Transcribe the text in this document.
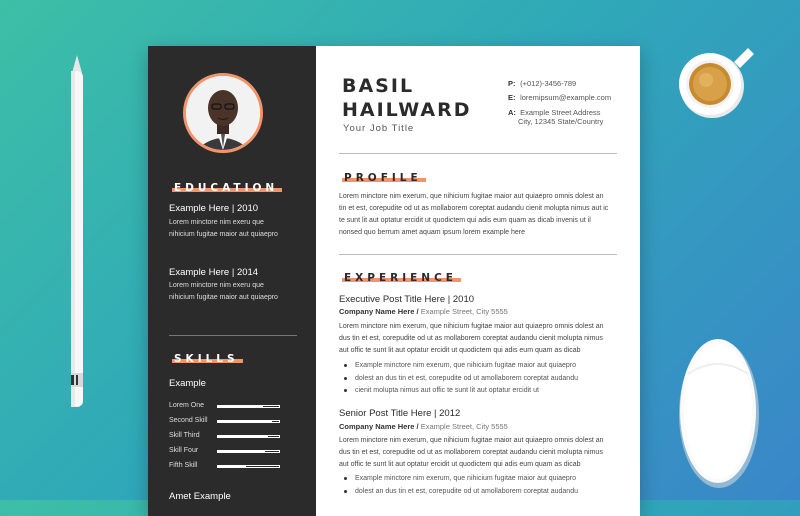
EDUCATION
Example Here | 2010
Lorem minctore nim exeru que nihicium fugitae maior aut quiaepro
Example Here | 2014
Lorem minctore nim exeru que nihicium fugitae maior aut quiaepro
SKILLS
Example
Lorem One
Second Skill
Skill Third
Skill Four
Fifth Skill
Amet Example
BASIL
HAILWARD
Your Job Title
P: (+012)-3456-789
E: loremipsum@example.com
A: Example Street Address
City, 12345 State/Country
PROFILE
Lorem minctore nim exerum, que nihicium fugitae maior aut quiaepro omnis dolest an tin et est, corepudite od ut as mollaborem coreptat audandu cienit molupta nimus aut ic te sunt lit aut optatur ercidit ut quodictem qui adis eum quam as dicab invenis ut il nonsed quo berrum amet aquam ipsum lorem example here
EXPERIENCE
Executive Post Title Here | 2010
Company Name Here / Example Street, City 5555
Lorem minctore nim exerum, que nihicium fugitae maior aut quiaepro omnis dolest an dus tin et est, corepudite od ut as mollaborem coreptat audandu cienit molupta nimus aut offic te sunt lit aut optatur ercidit ut quodictem qui adis eum quam as dicab
Example minctore nim exerum, que nihicium fugitae maior aut quiaepro
dolest an dus tin et est, corepudite od ut amollaborem coreptat audandu
cienit molupta nimus aut offic te sunt lit aut optatur ercidit ut
Senior Post Title Here | 2012
Company Name Here / Example Street, City 5555
Lorem minctore nim exerum, que nihicium fugitae maior aut quiaepro omnis dolest an dus tin et est, corepudite od ut as mollaborem coreptat audandu cienit molupta nimus aut offic te sunt lit aut optatur ercidit ut quodictem qui adis eum quam as dicab
Example minctore nim exerum, que nihicium fugitae maior aut quiaepro
dolest an dus tin et est, corepudite od ut amollaborem coreptat audandu
